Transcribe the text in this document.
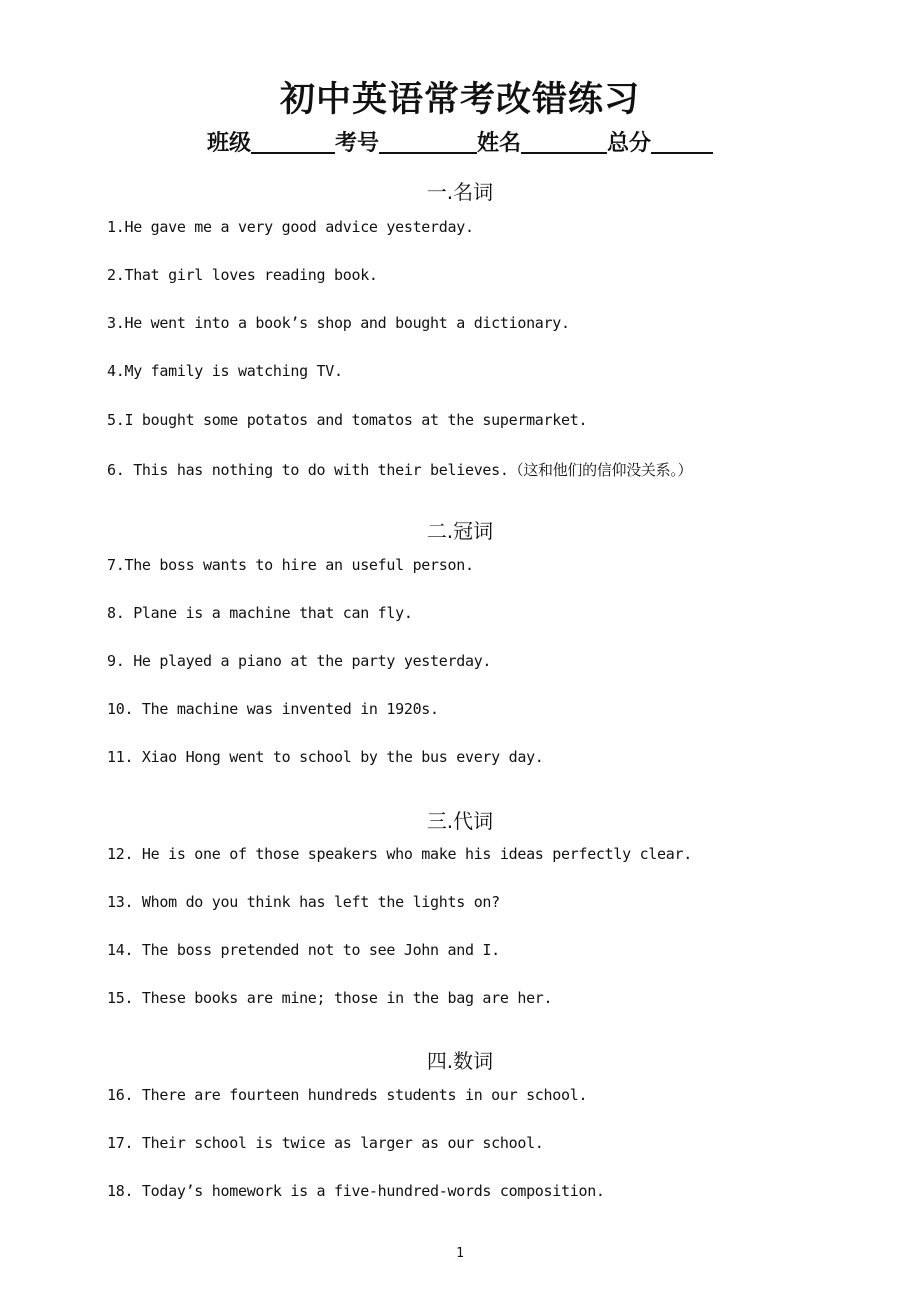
初中英语常考改错练习
班级	考号	姓名	总分
一.名词
1.He gave me a very good advice yesterday.
2.That girl loves reading book.
3.He went into a book’s shop and bought a dictionary.
4.My family is watching TV.
5.I bought some potatos and tomatos at the supermarket.
6. This has nothing to do with their believes.（这和他们的信仰没关系。）
二.冠词
7.The boss wants to hire an useful person.
8. Plane is a machine that can fly.
9. He played a piano at the party yesterday.
10. The machine was invented in 1920s.
11. Xiao Hong went to school by the bus every day.
三.代词
12. He is one of those speakers who make his ideas perfectly clear.
13. Whom do you think has left the lights on?
14. The boss pretended not to see John and I.
15. These books are mine; those in the bag are her.
四.数词
16. There are fourteen hundreds students in our school.
17. Their school is twice as larger as our school.
18. Today’s homework is a five-hundred-words composition.
1
